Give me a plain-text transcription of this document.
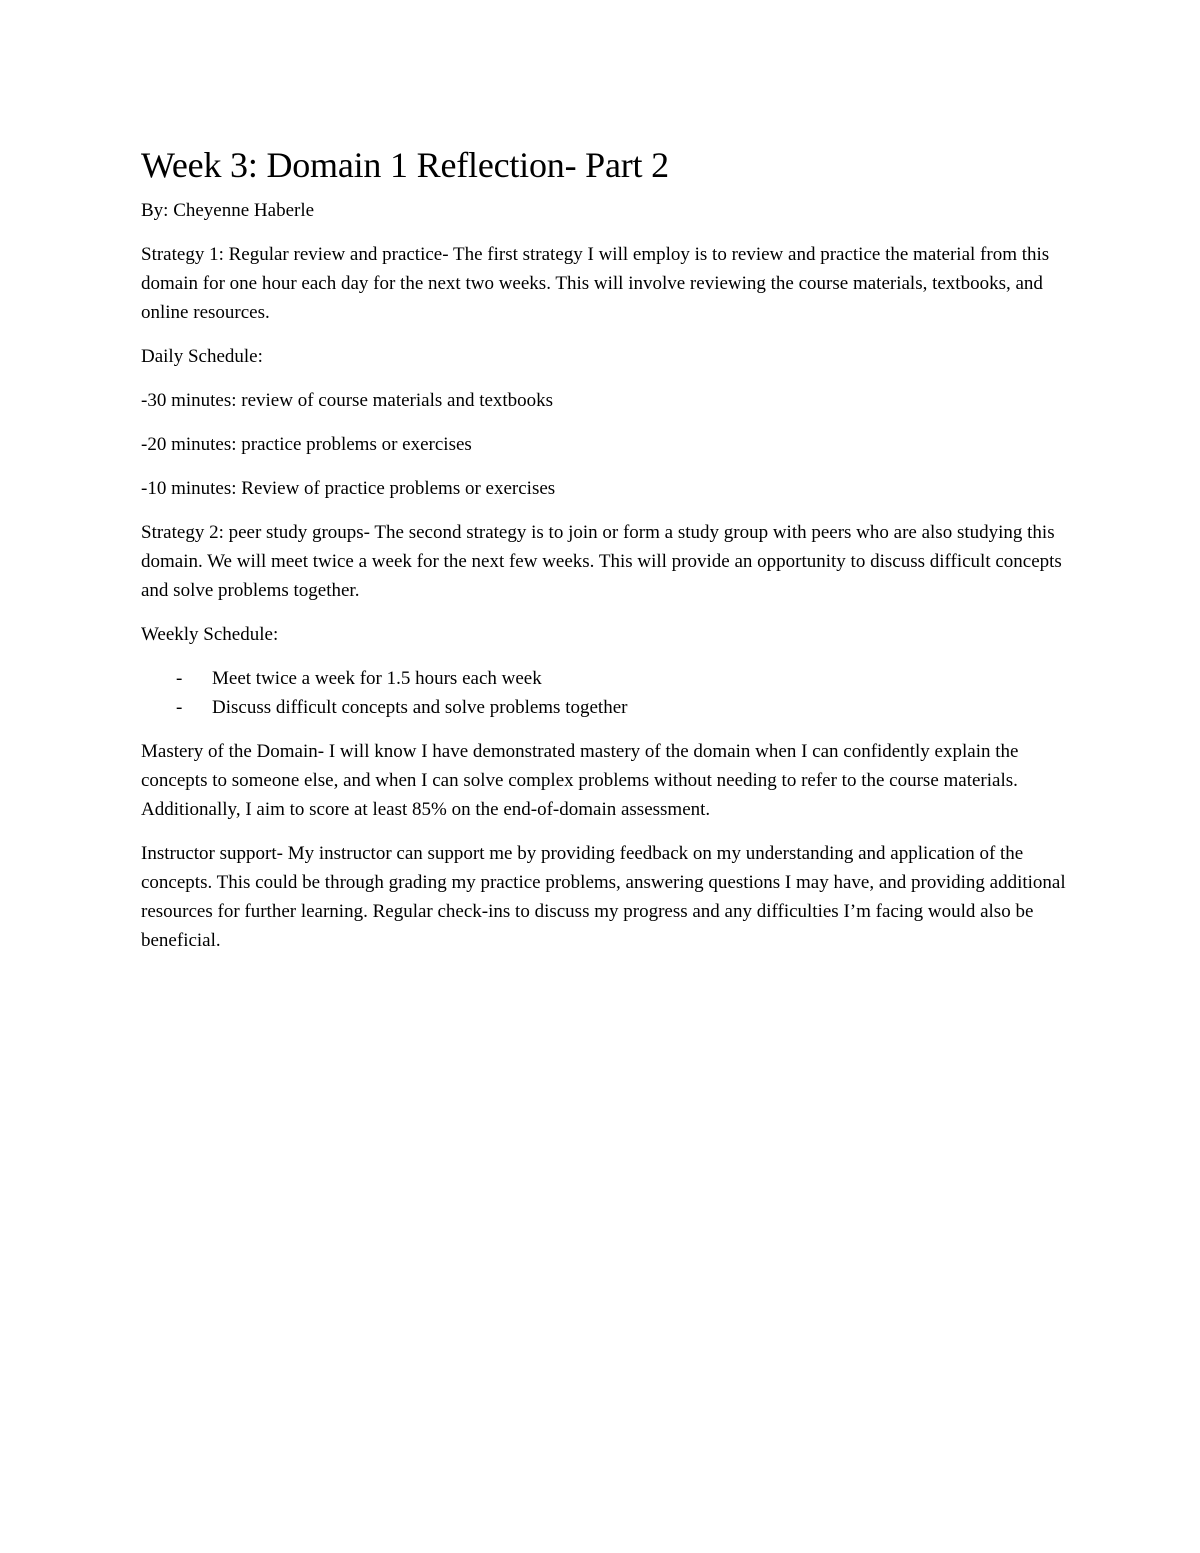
Week 3: Domain 1 Reflection- Part 2

By: Cheyenne Haberle

Strategy 1: Regular review and practice- The first strategy I will employ is to review and practice the material from this domain for one hour each day for the next two weeks. This will involve reviewing the course materials, textbooks, and online resources.

Daily Schedule:

-30 minutes: review of course materials and textbooks

-20 minutes: practice problems or exercises

-10 minutes: Review of practice problems or exercises

Strategy 2: peer study groups- The second strategy is to join or form a study group with peers who are also studying this domain. We will meet twice a week for the next few weeks. This will provide an opportunity to discuss difficult concepts and solve problems together.

Weekly Schedule:

- Meet twice a week for 1.5 hours each week
- Discuss difficult concepts and solve problems together

Mastery of the Domain- I will know I have demonstrated mastery of the domain when I can confidently explain the concepts to someone else, and when I can solve complex problems without needing to refer to the course materials. Additionally, I aim to score at least 85% on the end-of-domain assessment.

Instructor support- My instructor can support me by providing feedback on my understanding and application of the concepts. This could be through grading my practice problems, answering questions I may have, and providing additional resources for further learning. Regular check-ins to discuss my progress and any difficulties I’m facing would also be beneficial.
